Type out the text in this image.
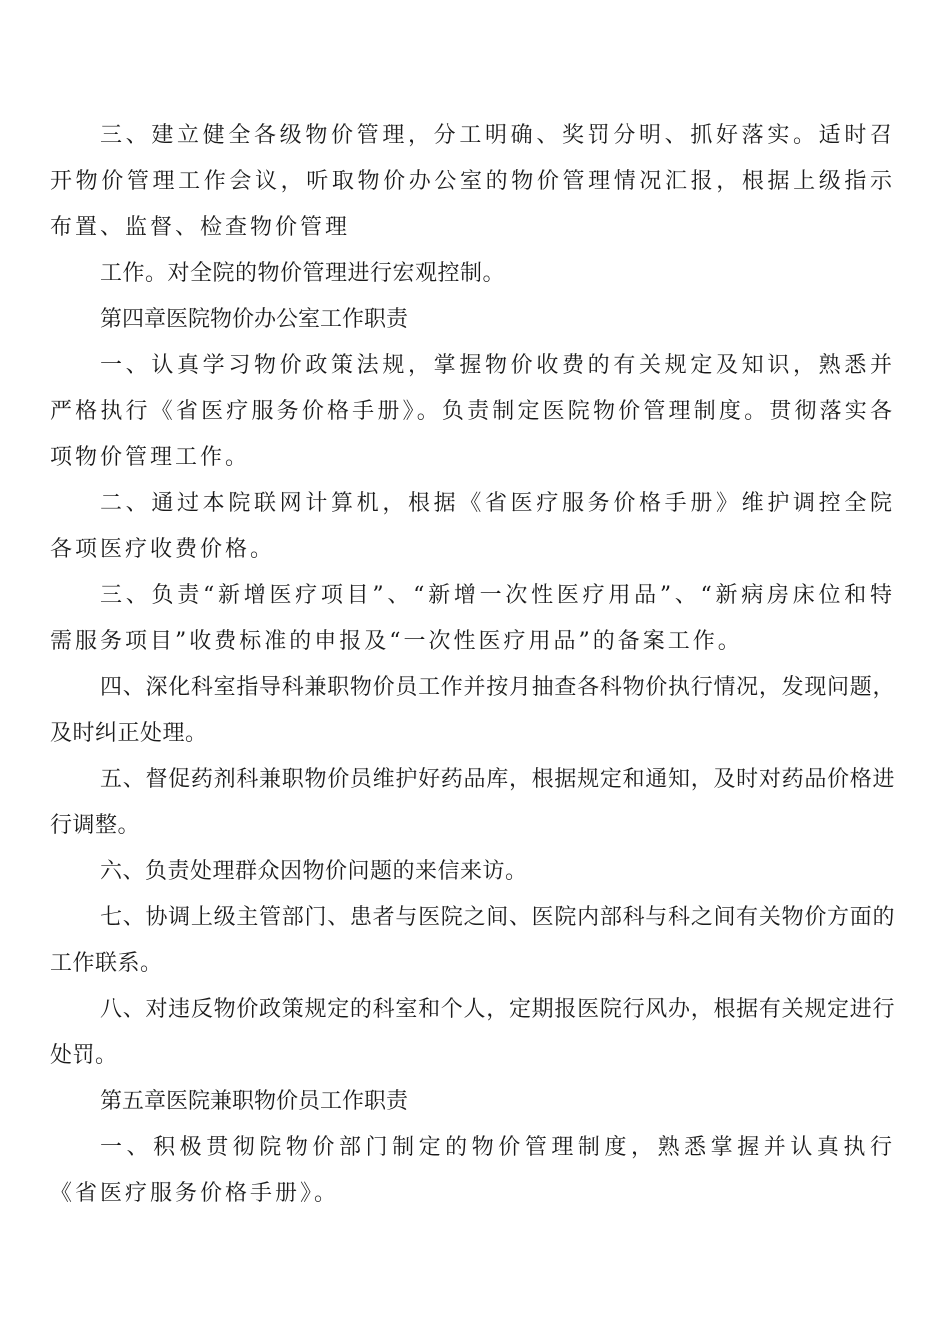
三、建立健全各级物价管理，分工明确、奖罚分明、抓好落实。适时召开物价管理工作会议，听取物价办公室的物价管理情况汇报，根据上级指示布置、监督、检查物价管理

工作。对全院的物价管理进行宏观控制。

第四章医院物价办公室工作职责

一、认真学习物价政策法规，掌握物价收费的有关规定及知识，熟悉并严格执行《省医疗服务价格手册》。负责制定医院物价管理制度。贯彻落实各项物价管理工作。

二、通过本院联网计算机，根据《省医疗服务价格手册》维护调控全院各项医疗收费价格。

三、负责“新增医疗项目”、“新增一次性医疗用品”、“新病房床位和特需服务项目”收费标准的申报及“一次性医疗用品”的备案工作。

四、深化科室指导科兼职物价员工作并按月抽查各科物价执行情况，发现问题，及时纠正处理。

五、督促药剂科兼职物价员维护好药品库，根据规定和通知，及时对药品价格进行调整。

六、负责处理群众因物价问题的来信来访。

七、协调上级主管部门、患者与医院之间、医院内部科与科之间有关物价方面的工作联系。

八、对违反物价政策规定的科室和个人，定期报医院行风办，根据有关规定进行处罚。

第五章医院兼职物价员工作职责

一、积极贯彻院物价部门制定的物价管理制度，熟悉掌握并认真执行《省医疗服务价格手册》。
